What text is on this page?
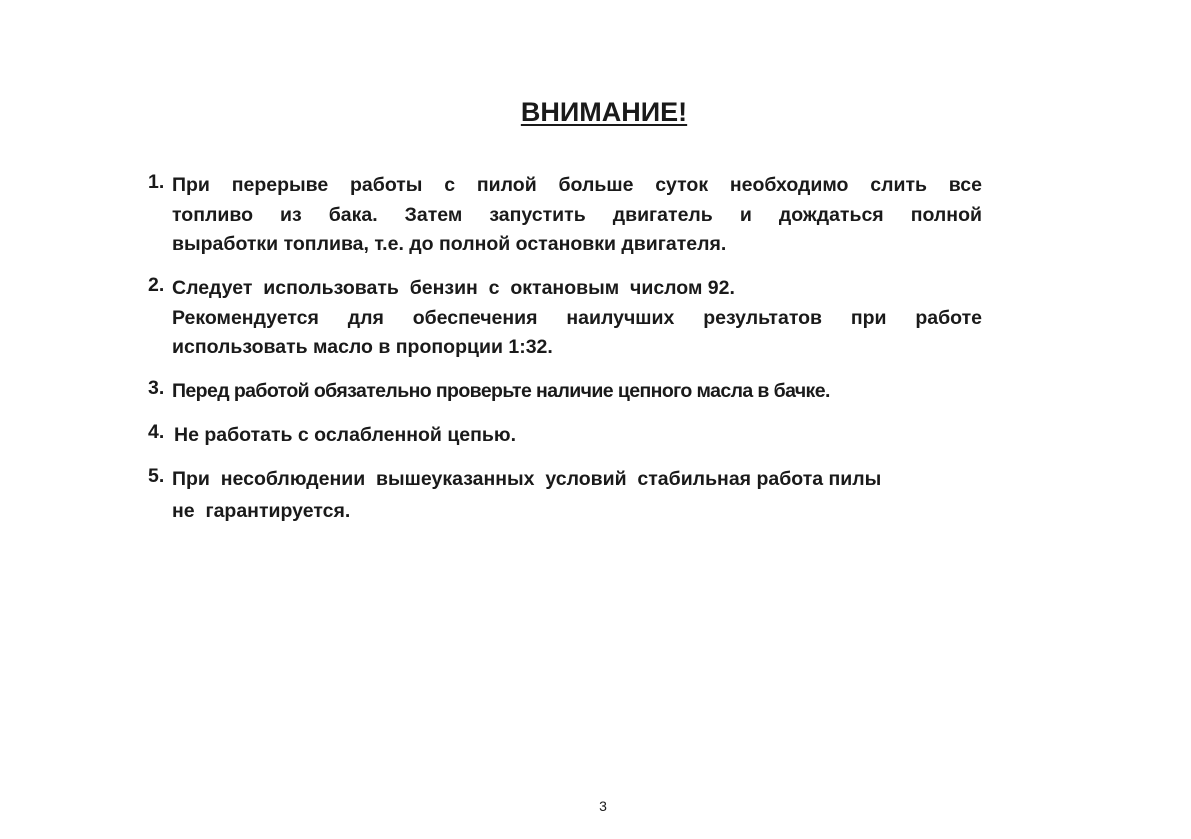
ВНИМАНИЕ!
1. При перерыве работы с пилой больше суток необходимо слить все
топливо из бака. Затем запустить двигатель и дождаться полной
выработки топлива, т.е. до полной остановки двигателя.
2. Следует  использовать  бензин  с  октановым  числом 92.
Рекомендуется для обеспечения наилучших результатов при работе
использовать масло в пропорции 1:32.
3. Перед работой обязательно проверьте наличие цепного масла в бачке.
4. Не работать с ослабленной цепью.
5. При  несоблюдении  вышеуказанных  условий  стабильная работа пилы
не  гарантируется.
3
